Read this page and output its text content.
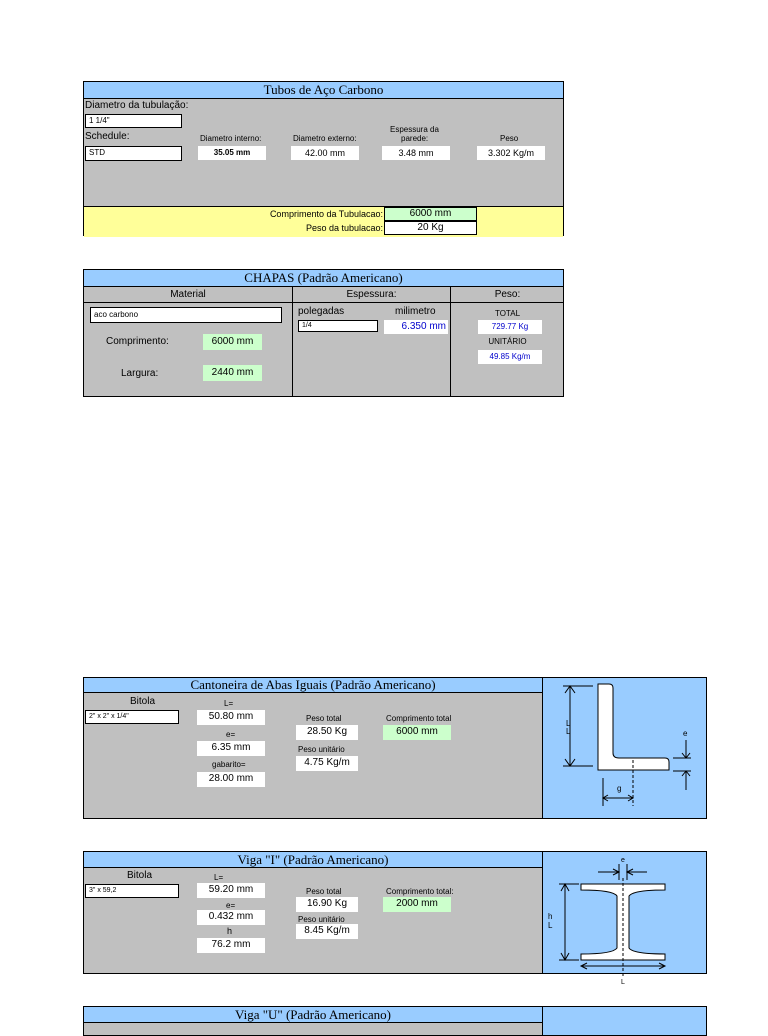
Tubos de Aço Carbono
Diametro da tubulação:
1 1/4"
Schedule:
STD
Diametro interno:
35.05 mm
Diametro externo:
42.00 mm
Espessura da
parede:
3.48 mm
Peso
3.302 Kg/m
Comprimento da Tubulacao:	6000 mm
Peso da tubulacao:	20 Kg
CHAPAS (Padrão Americano)
Material	Espessura:	Peso:
aco carbono
Comprimento:	6000 mm
Largura:	2440 mm
polegadas	milimetro
1/4	6.350 mm
TOTAL
729.77 Kg
UNITÁRIO
49.85 Kg/m
Cantoneira de Abas Iguais (Padrão Americano)
Bitola
2" x 2" x 1/4"
L=
50.80 mm
e=
6.35 mm
gabarito=
28.00 mm
Peso total
28.50 Kg
Peso unitário
4.75 Kg/m
Comprimento total
6000 mm
L
L	e
g
Viga "I" (Padrão Americano)
Bitola
3" x 59,2
L=
59.20 mm
e=
0.432 mm
h
76.2 mm
Peso total
16.90 Kg
Peso unitário
8.45 Kg/m
Comprimento total:
2000 mm
e
h
L
L
Viga "U" (Padrão Americano)
